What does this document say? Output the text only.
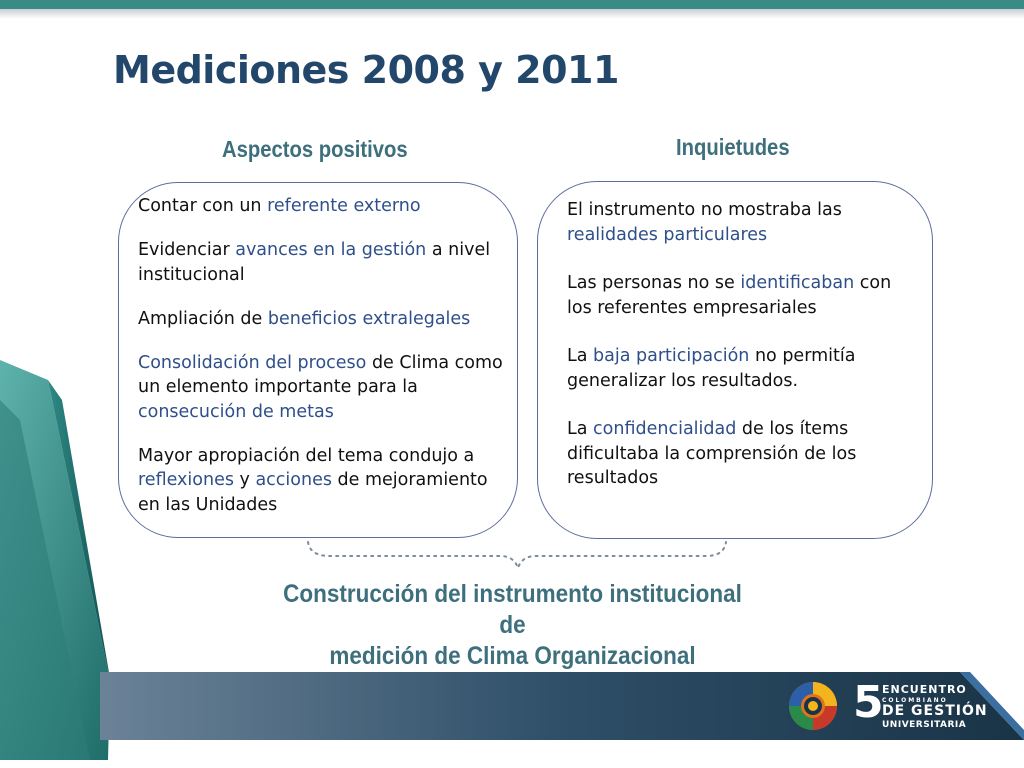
Mediciones 2008 y 2011
Aspectos positivos	Inquietudes

Contar con un referente externo

Evidenciar avances en la gestión a nivel institucional

Ampliación de beneficios extralegales

Consolidación del proceso de Clima como un elemento importante para la consecución de metas

Mayor apropiación del tema condujo a reflexiones y acciones de mejoramiento en las Unidades

El instrumento no mostraba las realidades particulares

Las personas no se identificaban con los referentes empresariales

La baja participación no permitía generalizar los resultados.

La confidencialidad de los ítems dificultaba la comprensión de los resultados

Construcción del instrumento institucional de
medición de Clima Organizacional
5
ENCUENTRO
COLOMBIANO
DE GESTIÓN
UNIVERSITARIA
